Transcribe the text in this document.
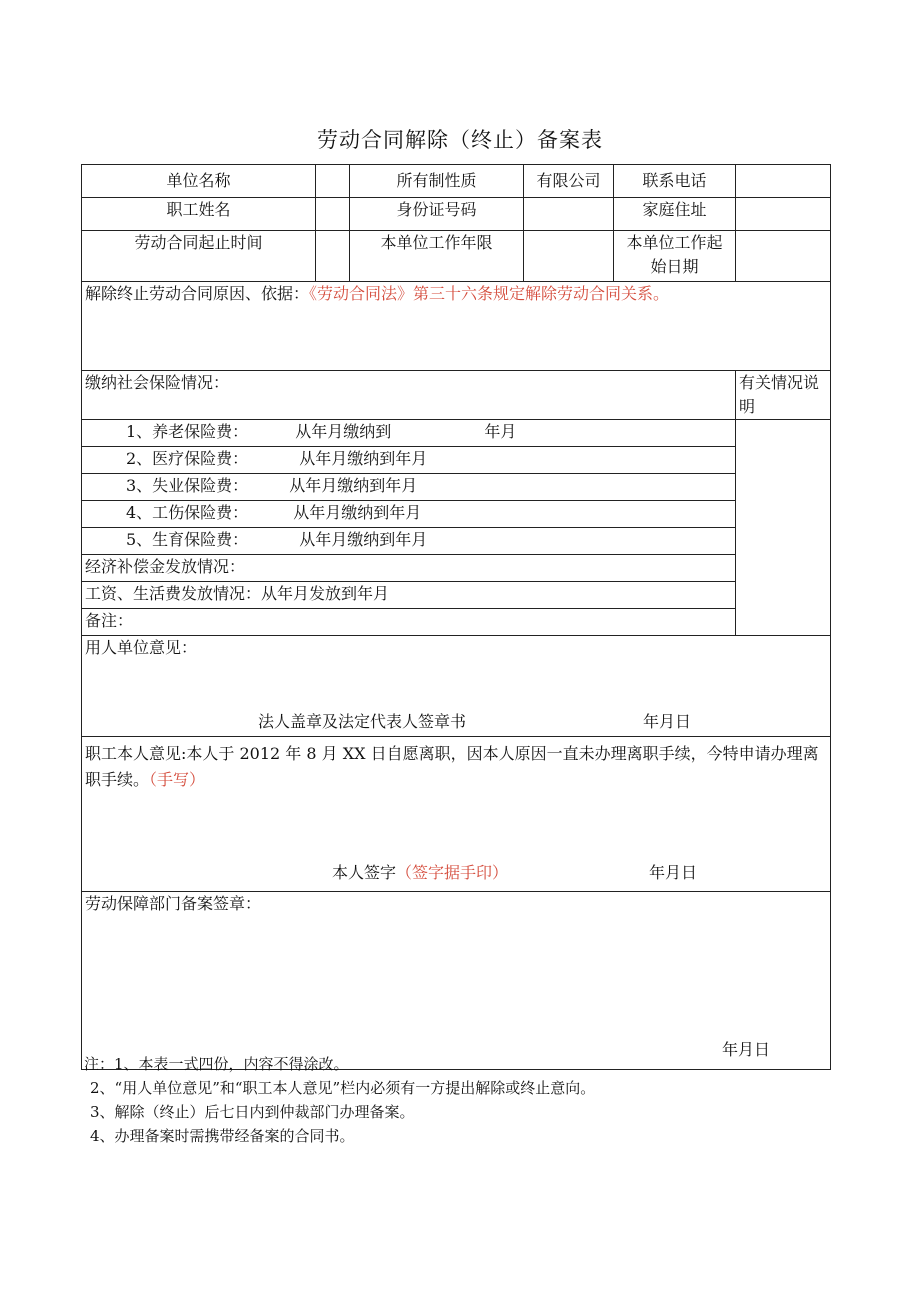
劳动合同解除（终止）备案表
单位名称		所有制性质	有限公司	联系电话	
职工姓名		身份证号码		家庭住址	
劳动合同起止时间		本单位工作年限		本单位工作起
始日期	

解除终止劳动合同原因、依据：《劳动合同法》第三十六条规定解除劳动合同关系。					
缴纳社会保险情况：					有关情况说明
1、养老保险费： 从年月缴纳到 年月					
2、医疗保险费： 从年月缴纳到年月					
3、失业保险费： 从年月缴纳到年月					
4、工伤保险费： 从年月缴纳到年月					
5、生育保险费： 从年月缴纳到年月					
经济补偿金发放情况：					
工资、生活费发放情况：从年月发放到年月					
备注：					

用人单位意见：
法人盖章及法定代表人签章书 年月日					

职工本人意见:本人于 2012 年 8 月 XX 日自愿离职，因本人原因一直未办理离职手续，今特申请办理离职手续。（手写）
本人签字（签字据手印） 年月日					

劳动保障部门备案签章：
年月日					
注：1、本表一式四份，内容不得涂改。
2、“用人单位意见”和“职工本人意见”栏内必须有一方提出解除或终止意向。
3、解除（终止）后七日内到仲裁部门办理备案。
4、办理备案时需携带经备案的合同书。
